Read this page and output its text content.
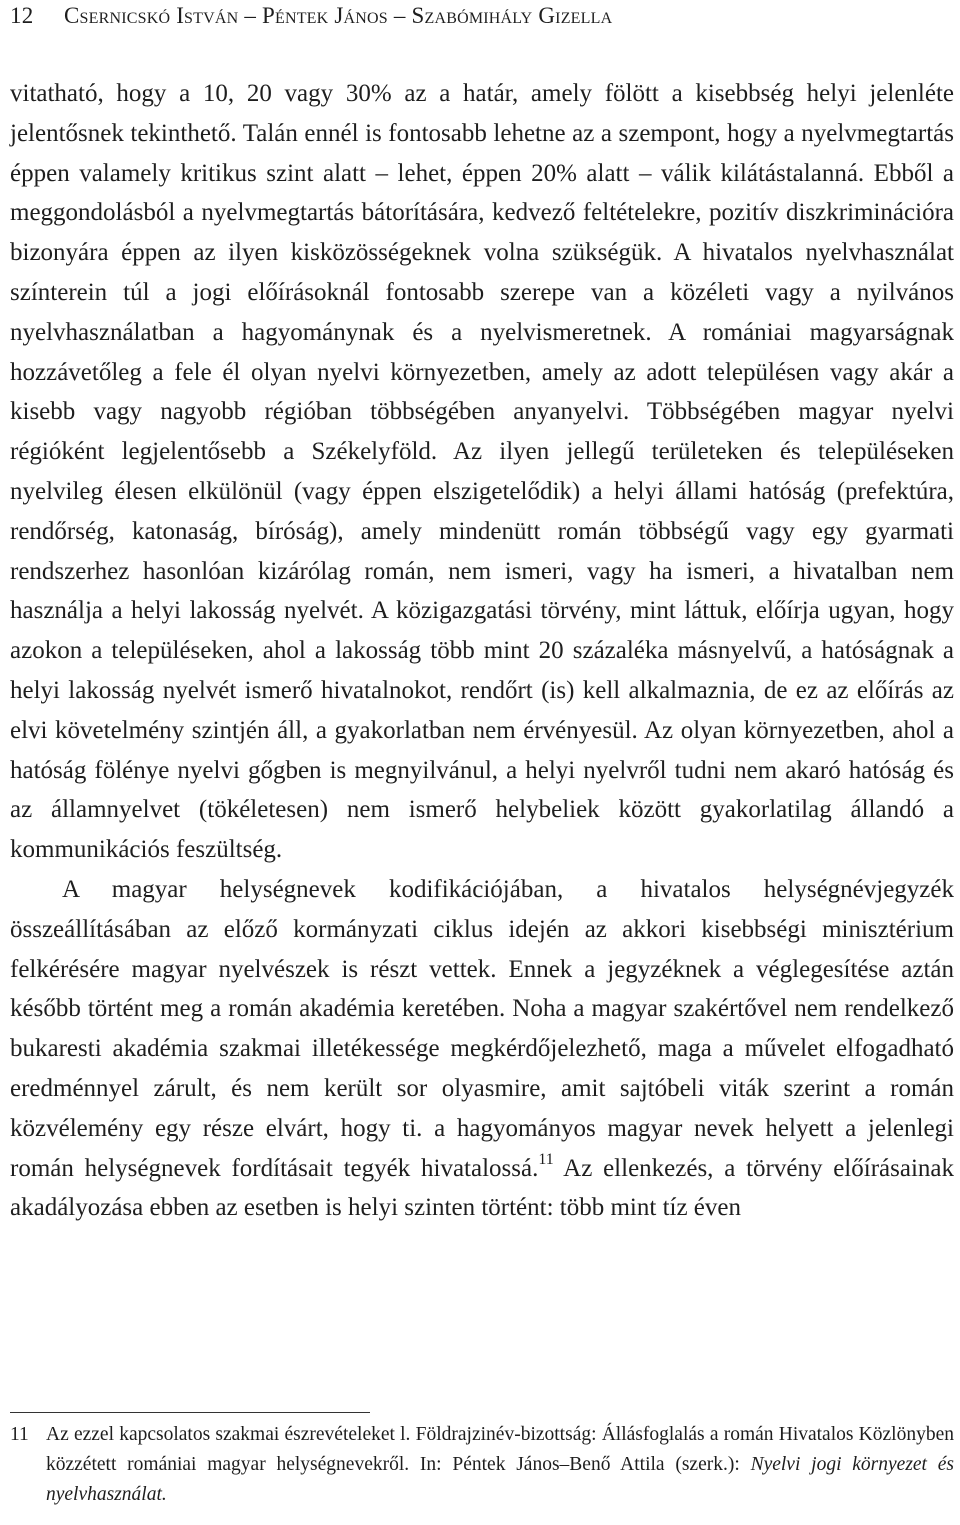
12 Csernicskó István – Péntek János – Szabómihály Gizella

vitatható, hogy a 10, 20 vagy 30% az a határ, amely fölött a kisebbség helyi jelenléte jelentősnek tekinthető. Talán ennél is fontosabb lehetne az a szempont, hogy a nyelvmegtartás éppen valamely kritikus szint alatt – lehet, éppen 20% alatt – válik kilátástalanná. Ebből a meggondolásból a nyelvmegtartás bátorítására, kedvező feltételekre, pozitív diszkriminációra bizonyára éppen az ilyen kisközösségeknek volna szükségük. A hivatalos nyelvhasználat színterein túl a jogi előírásoknál fontosabb szerepe van a közéleti vagy a nyilvános nyelvhasználatban a hagyománynak és a nyelvismeretnek. A romániai magyarságnak hozzávetőleg a fele él olyan nyelvi környezetben, amely az adott településen vagy akár a kisebb vagy nagyobb régióban többségében anyanyelvi. Többségében magyar nyelvi régióként legjelentősebb a Székelyföld. Az ilyen jellegű területeken és településeken nyelvileg élesen elkülönül (vagy éppen elszigetelődik) a helyi állami hatóság (prefektúra, rendőrség, katonaság, bíróság), amely mindenütt román többségű vagy egy gyarmati rendszerhez hasonlóan kizárólag román, nem ismeri, vagy ha ismeri, a hivatalban nem használja a helyi lakosság nyelvét. A közigazgatási törvény, mint láttuk, előírja ugyan, hogy azokon a településeken, ahol a lakosság több mint 20 százaléka másnyelvű, a hatóságnak a helyi lakosság nyelvét ismerő hivatalnokot, rendőrt (is) kell alkalmaznia, de ez az előírás az elvi követelmény szintjén áll, a gyakorlatban nem érvényesül. Az olyan környezetben, ahol a hatóság fölénye nyelvi gőgben is megnyilvánul, a helyi nyelvről tudni nem akaró hatóság és az államnyelvet (tökéletesen) nem ismerő helybeliek között gyakorlatilag állandó a kommunikációs feszültség.

A magyar helységnevek kodifikációjában, a hivatalos helységnévjegyzék összeállításában az előző kormányzati ciklus idején az akkori kisebbségi minisztérium felkérésére magyar nyelvészek is részt vettek. Ennek a jegyzéknek a véglegesítése aztán később történt meg a román akadémia keretében. Noha a magyar szakértővel nem rendelkező bukaresti akadémia szakmai illetékessége megkérdőjelezhető, maga a művelet elfogadható eredménnyel zárult, és nem került sor olyasmire, amit sajtóbeli viták szerint a román közvélemény egy része elvárt, hogy ti. a hagyományos magyar nevek helyett a jelenlegi román helységnevek fordításait tegyék hivatalossá.$^{11}$ Az ellenkezés, a törvény előírásainak akadályozása ebben az esetben is helyi szinten történt: több mint tíz éven

11 Az ezzel kapcsolatos szakmai észrevételeket l. Földrajzinév-bizottság: Állásfoglalás a román Hivatalos Közlönyben közzétett romániai magyar helységnevekről. In: Péntek János–Benő Attila (szerk.): Nyelvi jogi környezet és nyelvhasználat.
